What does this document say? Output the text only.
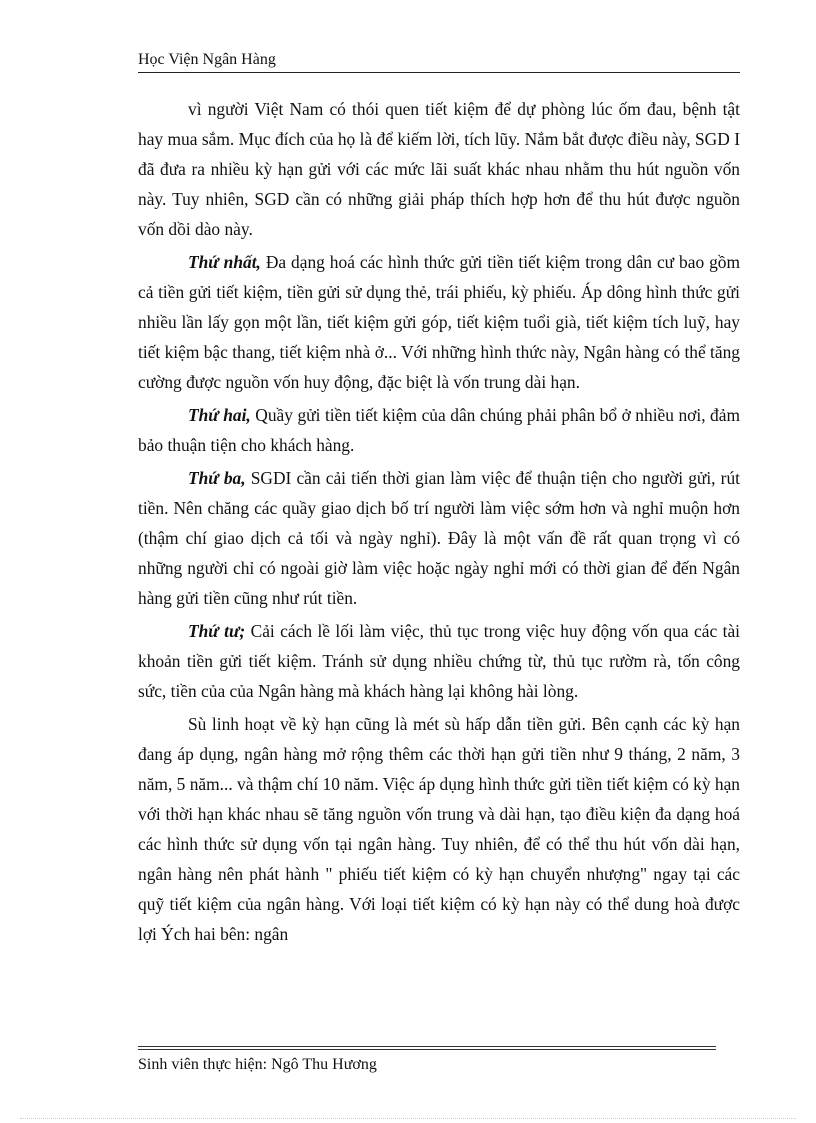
Học Viện Ngân Hàng

vì người Việt Nam có thói quen tiết kiệm để dự phòng lúc ốm đau, bệnh tật hay mua sắm. Mục đích của họ là để kiếm lời, tích lũy. Nắm bắt được điều này, SGD I đã đưa ra nhiều kỳ hạn gửi với các mức lãi suất khác nhau nhằm thu hút nguồn vốn này. Tuy nhiên, SGD cần có những giải pháp thích hợp hơn để thu hút được nguồn vốn dồi dào này.

Thứ nhất, Đa dạng hoá các hình thức gửi tiền tiết kiệm trong dân cư bao gồm cả tiền gửi tiết kiệm, tiền gửi sử dụng thẻ, trái phiếu, kỳ phiếu. Áp dông hình thức gửi nhiều lần lấy gọn một lần, tiết kiệm gửi góp, tiết kiệm tuổi già, tiết kiệm tích luỹ, hay tiết kiệm bậc thang, tiết kiệm nhà ở... Với những hình thức này, Ngân hàng có thể tăng cường được nguồn vốn huy động, đặc biệt là vốn trung dài hạn.

Thứ hai, Quầy gửi tiền tiết kiệm của dân chúng phải phân bổ ở nhiều nơi, đảm bảo thuận tiện cho khách hàng.

Thứ ba, SGDI cần cải tiến thời gian làm việc để thuận tiện cho người gửi, rút tiền. Nên chăng các quầy giao dịch bố trí người làm việc sớm hơn và nghỉ muộn hơn (thậm chí giao dịch cả tối và ngày nghỉ). Đây là một vấn đề rất quan trọng vì có những người chỉ có ngoài giờ làm việc hoặc ngày nghỉ mới có thời gian để đến Ngân hàng gửi tiền cũng như rút tiền.

Thứ tư; Cải cách lề lối làm việc, thủ tục trong việc huy động vốn qua các tài khoản tiền gửi tiết kiệm. Tránh sử dụng nhiều chứng từ, thủ tục rườm rà, tốn công sức, tiền của của Ngân hàng mà khách hàng lại không hài lòng.

Sù linh hoạt về kỳ hạn cũng là mét sù hấp dẫn tiền gửi. Bên cạnh các kỳ hạn đang áp dụng, ngân hàng mở rộng thêm các thời hạn gửi tiền như 9 tháng, 2 năm, 3 năm, 5 năm... và thậm chí 10 năm. Việc áp dụng hình thức gửi tiền tiết kiệm có kỳ hạn với thời hạn khác nhau sẽ tăng nguồn vốn trung và dài hạn, tạo điều kiện đa dạng hoá các hình thức sử dụng vốn tại ngân hàng. Tuy nhiên, để có thể thu hút vốn dài hạn, ngân hàng nên phát hành " phiếu tiết kiệm có kỳ hạn chuyển nhượng" ngay tại các quỹ tiết kiệm của ngân hàng. Với loại tiết kiệm có kỳ hạn này có thể dung hoà được lợi Ých hai bên: ngân

Sinh viên thực hiện: Ngô Thu Hương
